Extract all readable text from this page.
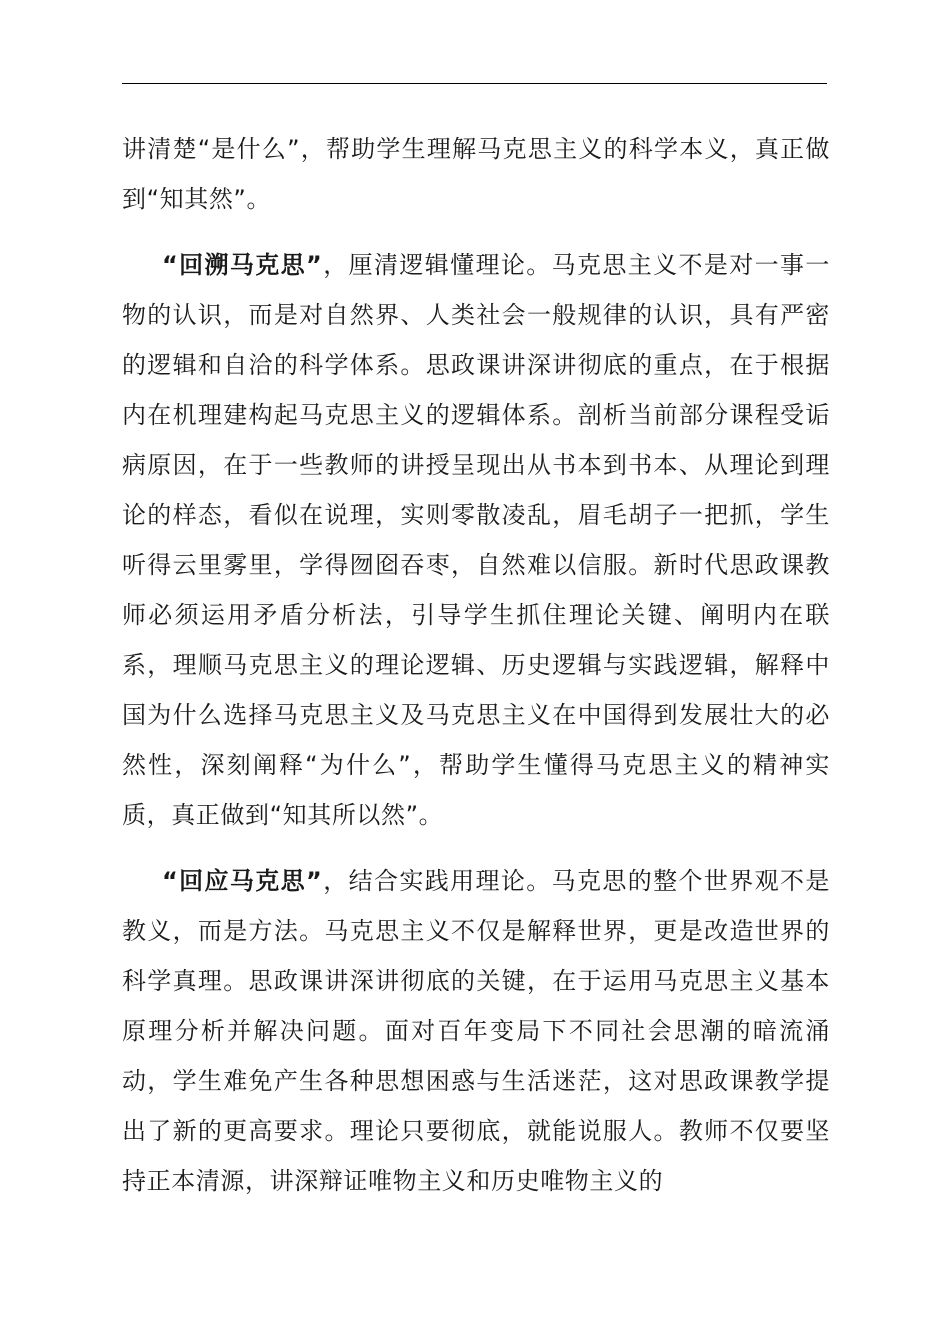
讲清楚“是什么”，帮助学生理解马克思主义的科学本义，真正做到“知其然”。

“回溯马克思”，厘清逻辑懂理论。马克思主义不是对一事一物的认识，而是对自然界、人类社会一般规律的认识，具有严密的逻辑和自洽的科学体系。思政课讲深讲彻底的重点，在于根据内在机理建构起马克思主义的逻辑体系。剖析当前部分课程受诟病原因，在于一些教师的讲授呈现出从书本到书本、从理论到理论的样态，看似在说理，实则零散凌乱，眉毛胡子一把抓，学生听得云里雾里，学得囫囵吞枣，自然难以信服。新时代思政课教师必须运用矛盾分析法，引导学生抓住理论关键、阐明内在联系，理顺马克思主义的理论逻辑、历史逻辑与实践逻辑，解释中国为什么选择马克思主义及马克思主义在中国得到发展壮大的必然性，深刻阐释“为什么”，帮助学生懂得马克思主义的精神实质，真正做到“知其所以然”。

“回应马克思”，结合实践用理论。马克思的整个世界观不是教义，而是方法。马克思主义不仅是解释世界，更是改造世界的科学真理。思政课讲深讲彻底的关键，在于运用马克思主义基本原理分析并解决问题。面对百年变局下不同社会思潮的暗流涌动，学生难免产生各种思想困惑与生活迷茫，这对思政课教学提出了新的更高要求。理论只要彻底，就能说服人。教师不仅要坚持正本清源，讲深辩证唯物主义和历史唯物主义的
